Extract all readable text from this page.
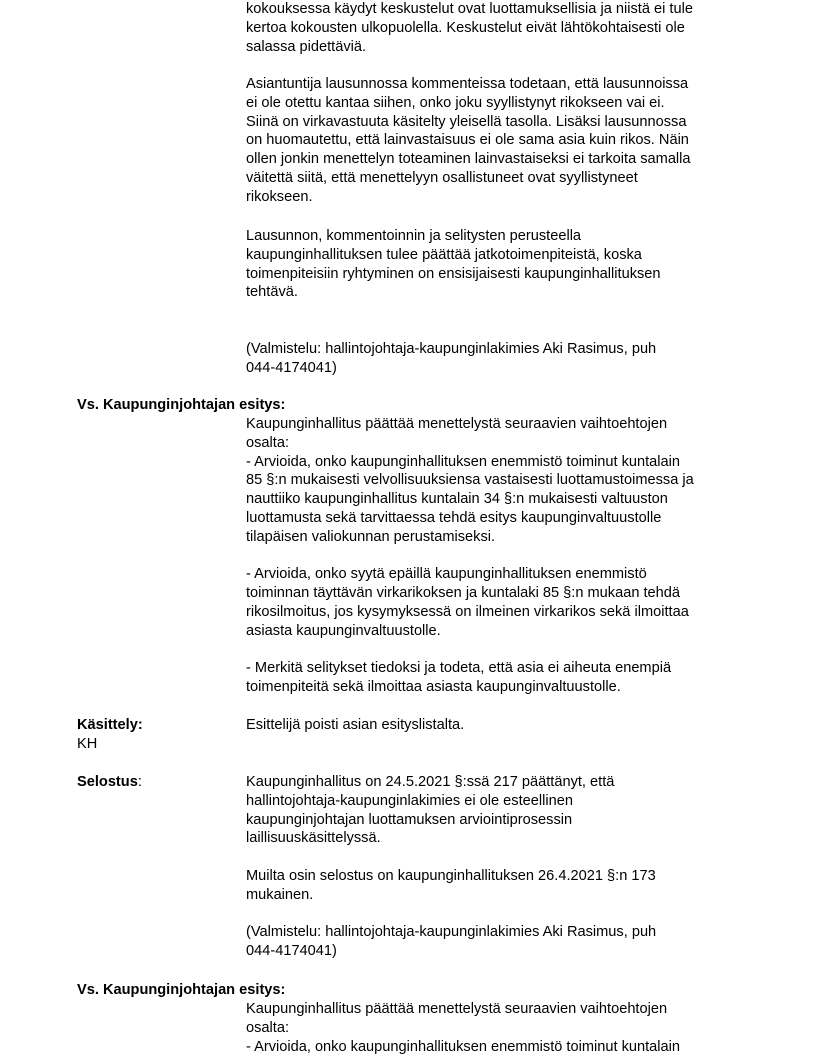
kokouksessa käydyt keskustelut ovat luottamuksellisia ja niistä ei tule
kertoa kokousten ulkopuolella. Keskustelut eivät lähtökohtaisesti ole
salassa pidettäviä.

Asiantuntija lausunnossa kommenteissa todetaan, että lausunnoissa
ei ole otettu kantaa siihen, onko joku syyllistynyt rikokseen vai ei.
Siinä on virkavastuuta käsitelty yleisellä tasolla. Lisäksi lausunnossa
on huomautettu, että lainvastaisuus ei ole sama asia kuin rikos. Näin
ollen jonkin menettelyn toteaminen lainvastaiseksi ei tarkoita samalla
väitettä siitä, että menettelyyn osallistuneet ovat syyllistyneet
rikokseen.

Lausunnon, kommentoinnin ja selitysten perusteella
kaupunginhallituksen tulee päättää jatkotoimenpiteistä, koska
toimenpiteisiin ryhtyminen on ensisijaisesti kaupunginhallituksen
tehtävä.

(Valmistelu: hallintojohtaja-kaupunginlakimies Aki Rasimus, puh
044-4174041)

Vs. Kaupunginjohtajan esitys:

Kaupunginhallitus päättää menettelystä seuraavien vaihtoehtojen
osalta:
- Arvioida, onko kaupunginhallituksen enemmistö toiminut kuntalain
85 §:n mukaisesti velvollisuuksiensa vastaisesti luottamustoimessa ja
nauttiiko kaupunginhallitus kuntalain 34 §:n mukaisesti valtuuston
luottamusta sekä tarvittaessa tehdä esitys kaupunginvaltuustolle
tilapäisen valiokunnan perustamiseksi.

- Arvioida, onko syytä epäillä kaupunginhallituksen enemmistö
toiminnan täyttävän virkarikoksen ja kuntalaki 85 §:n mukaan tehdä
rikosilmoitus, jos kysymyksessä on ilmeinen virkarikos sekä ilmoittaa
asiasta kaupunginvaltuustolle.

- Merkitä selitykset tiedoksi ja todeta, että asia ei aiheuta enempiä
toimenpiteitä sekä ilmoittaa asiasta kaupunginvaltuustolle.

Käsittely:
KH
Esittelijä poisti asian esityslistalta.
Selostus:	Kaupunginhallitus on 24.5.2021 §:ssä 217 päättänyt, että
hallintojohtaja-kaupunginlakimies ei ole esteellinen
kaupunginjohtajan luottamuksen arviointiprosessin
laillisuuskäsittelyssä.

Muilta osin selostus on kaupunginhallituksen 26.4.2021 §:n 173
mukainen.

(Valmistelu: hallintojohtaja-kaupunginlakimies Aki Rasimus, puh
044-4174041)

Vs. Kaupunginjohtajan esitys:

Kaupunginhallitus päättää menettelystä seuraavien vaihtoehtojen
osalta:
- Arvioida, onko kaupunginhallituksen enemmistö toiminut kuntalain
